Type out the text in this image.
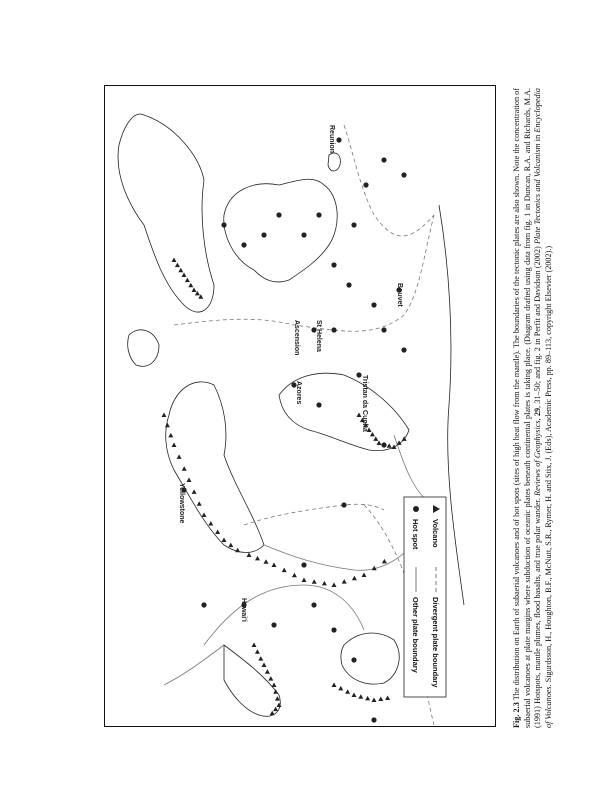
Azores
Ascension St Helena
Tristan da Cunha
Bouvet
Reunion
Yellowstone
Hawai'i
Volcano
Hot spot
Divergent plate boundary
Other plate boundary
Fig. 2.3 The distribution on Earth of subaerial volcanoes and of hot spots (sites of high heat flow from the mantle). The boundaries of the tectonic plates are also shown. Note the concentration of subaerial volcanoes at plate margins where subduction of oceanic plates beneath continental plates is taking place. (Diagram drafted using data from fig. 1 in Duncan, R.A. and Richards, M.A. (1991) Hotspots, mantle plumes, flood basalts, and true polar wander. Reviews of Geophysics, 29, 31–50; and fig. 2 in Perfit and Davidson (2002) Plate Tectonics and Volcanism in Encyclopedia of Volcanoes. Sigurdsson, H., Houghton, B.F., McNutt, S.R., Rymer, H. and Stix, J. (Eds), Academic Press, pp. 89–113, copyright Elsevier (2002).)
